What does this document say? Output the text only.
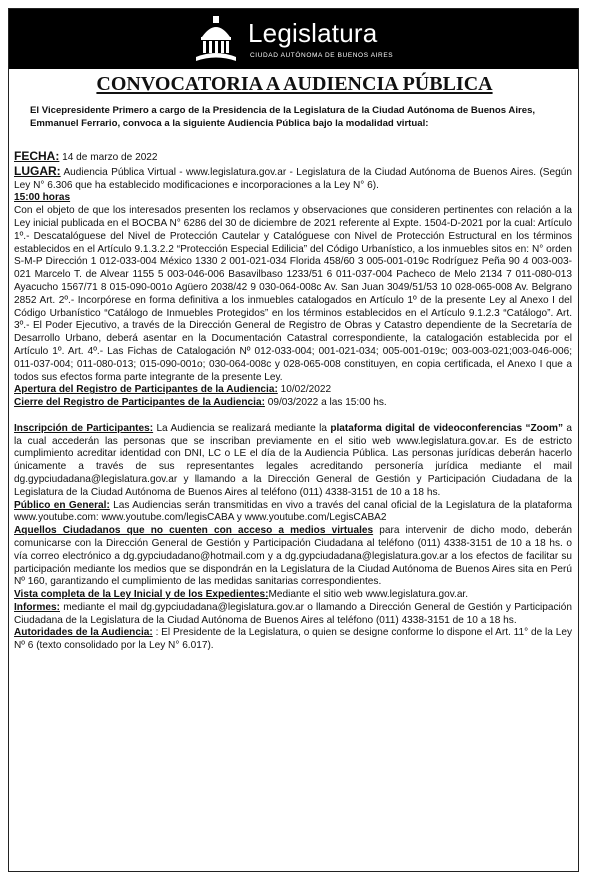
Legislatura
CIUDAD AUTÓNOMA DE BUENOS AIRES
CONVOCATORIA A AUDIENCIA PÚBLICA
El Vicepresidente Primero a cargo de la Presidencia de la Legislatura de la Ciudad Autónoma de Buenos Aires, Emmanuel Ferrario, convoca a la siguiente Audiencia Pública bajo la modalidad virtual:

FECHA: 14 de marzo de 2022

LUGAR: Audiencia Pública Virtual - www.legislatura.gov.ar - Legislatura de la Ciudad Autónoma de Buenos Aires. (Según Ley N° 6.306 que ha establecido modificaciones e incorporaciones a la Ley N° 6).

15:00 horas

Con el objeto de que los interesados presenten los reclamos y observaciones que consideren pertinentes con relación a la Ley inicial publicada en el BOCBA N° 6286 del 30 de diciembre de 2021 referente al Expte. 1504-D-2021 por la cual: Artículo 1º.- Descatalóguese del Nivel de Protección Cautelar y Catalóguese con Nivel de Protección Estructural en los términos establecidos en el Artículo 9.1.3.2.2 “Protección Especial Edilicia” del Código Urbanístico, a los inmuebles sitos en: N° orden S-M-P Dirección 1 012-033-004 México 1330 2 001-021-034 Florida 458/60 3 005-001-019c Rodríguez Peña 90 4 003-003-021 Marcelo T. de Alvear 1155 5 003-046-006 Basavilbaso 1233/51 6 011-037-004 Pacheco de Melo 2134 7 011-080-013 Ayacucho 1567/71 8 015-090-001o Agüero 2038/42 9 030-064-008c Av. San Juan 3049/51/53 10 028-065-008 Av. Belgrano 2852 Art. 2º.- Incorpórese en forma definitiva a los inmuebles catalogados en Artículo 1º de la presente Ley al Anexo I del Código Urbanístico “Catálogo de Inmuebles Protegidos” en los términos establecidos en el Artículo 9.1.2.3 “Catálogo”. Art. 3º.- El Poder Ejecutivo, a través de la Dirección General de Registro de Obras y Catastro dependiente de la Secretaría de Desarrollo Urbano, deberá asentar en la Documentación Catastral correspondiente, la catalogación establecida por el Artículo 1º. Art. 4º.- Las Fichas de Catalogación Nº 012-033-004; 001-021-034; 005-001-019c; 003-003-021;003-046-006; 011-037-004; 011-080-013; 015-090-001o; 030-064-008c y 028-065-008 constituyen, en copia certificada, el Anexo I que a todos sus efectos forma parte integrante de la presente Ley.

Apertura del Registro de Participantes de la Audiencia: 10/02/2022

Cierre del Registro de Participantes de la Audiencia: 09/03/2022 a las 15:00 hs.

Inscripción de Participantes: La Audiencia se realizará mediante la plataforma digital de videoconferencias “Zoom” a la cual accederán las personas que se inscriban previamente en el sitio web www.legislatura.gov.ar. Es de estricto cumplimiento acreditar identidad con DNI, LC o LE el día de la Audiencia Pública. Las personas jurídicas deberán hacerlo únicamente a través de sus representantes legales acreditando personería jurídica mediante el mail dg.gypciudadana@legislatura.gov.ar y llamando a la Dirección General de Gestión y Participación Ciudadana de la Legislatura de la Ciudad Autónoma de Buenos Aires al teléfono (011) 4338-3151 de 10 a 18 hs.

Público en General: Las Audiencias serán transmitidas en vivo a través del canal oficial de la Legislatura de la plataforma www.youtube.com: www.youtube.com/legisCABA y www.youtube.com/LegisCABA2

Aquellos Ciudadanos que no cuenten con acceso a medios virtuales para intervenir de dicho modo, deberán comunicarse con la Dirección General de Gestión y Participación Ciudadana al teléfono (011) 4338-3151 de 10 a 18 hs. o vía correo electrónico a dg.gypciudadano@hotmail.com y a dg.gypciudadana@legislatura.gov.ar a los efectos de facilitar su participación mediante los medios que se dispondrán en la Legislatura de la Ciudad Autónoma de Buenos Aires sita en Perú Nº 160, garantizando el cumplimiento de las medidas sanitarias correspondientes.

Vista completa de la Ley Inicial y de los Expedientes:Mediante el sitio web www.legislatura.gov.ar.

Informes: mediante el mail dg.gypciudadana@legislatura.gov.ar o llamando a Dirección General de Gestión y Participación Ciudadana de la Legislatura de la Ciudad Autónoma de Buenos Aires al teléfono (011) 4338-3151 de 10 a 18 hs.

Autoridades de la Audiencia: : El Presidente de la Legislatura, o quien se designe conforme lo dispone el Art. 11° de la Ley Nº 6 (texto consolidado por la Ley N° 6.017).
